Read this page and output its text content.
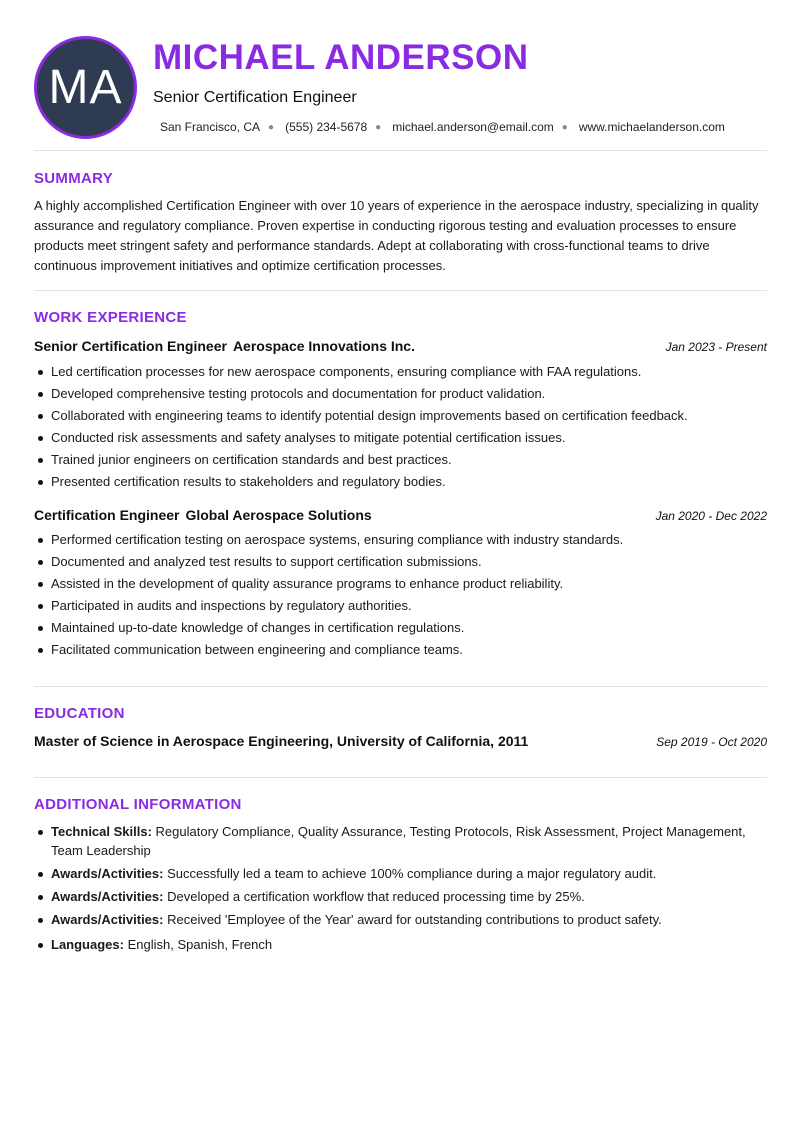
MA
MICHAEL ANDERSON
Senior Certification Engineer
San Francisco, CA ● (555) 234-5678 ● michael.anderson@email.com ● www.michaelanderson.com
SUMMARY
A highly accomplished Certification Engineer with over 10 years of experience in the aerospace industry, specializing in quality assurance and regulatory compliance. Proven expertise in conducting rigorous testing and evaluation processes to ensure products meet stringent safety and performance standards. Adept at collaborating with cross-functional teams to drive continuous improvement initiatives and optimize certification processes.
WORK EXPERIENCE
Senior Certification Engineer Aerospace Innovations Inc.	Jan 2023 - Present
Led certification processes for new aerospace components, ensuring compliance with FAA regulations.
Developed comprehensive testing protocols and documentation for product validation.
Collaborated with engineering teams to identify potential design improvements based on certification feedback.
Conducted risk assessments and safety analyses to mitigate potential certification issues.
Trained junior engineers on certification standards and best practices.
Presented certification results to stakeholders and regulatory bodies.
Certification Engineer Global Aerospace Solutions	Jan 2020 - Dec 2022
Performed certification testing on aerospace systems, ensuring compliance with industry standards.
Documented and analyzed test results to support certification submissions.
Assisted in the development of quality assurance programs to enhance product reliability.
Participated in audits and inspections by regulatory authorities.
Maintained up-to-date knowledge of changes in certification regulations.
Facilitated communication between engineering and compliance teams.
EDUCATION
Master of Science in Aerospace Engineering, University of California, 2011	Sep 2019 - Oct 2020
ADDITIONAL INFORMATION
Technical Skills: Regulatory Compliance, Quality Assurance, Testing Protocols, Risk Assessment, Project Management, Team Leadership
Awards/Activities: Successfully led a team to achieve 100% compliance during a major regulatory audit.
Awards/Activities: Developed a certification workflow that reduced processing time by 25%.
Awards/Activities: Received 'Employee of the Year' award for outstanding contributions to product safety.
Languages: English, Spanish, French
